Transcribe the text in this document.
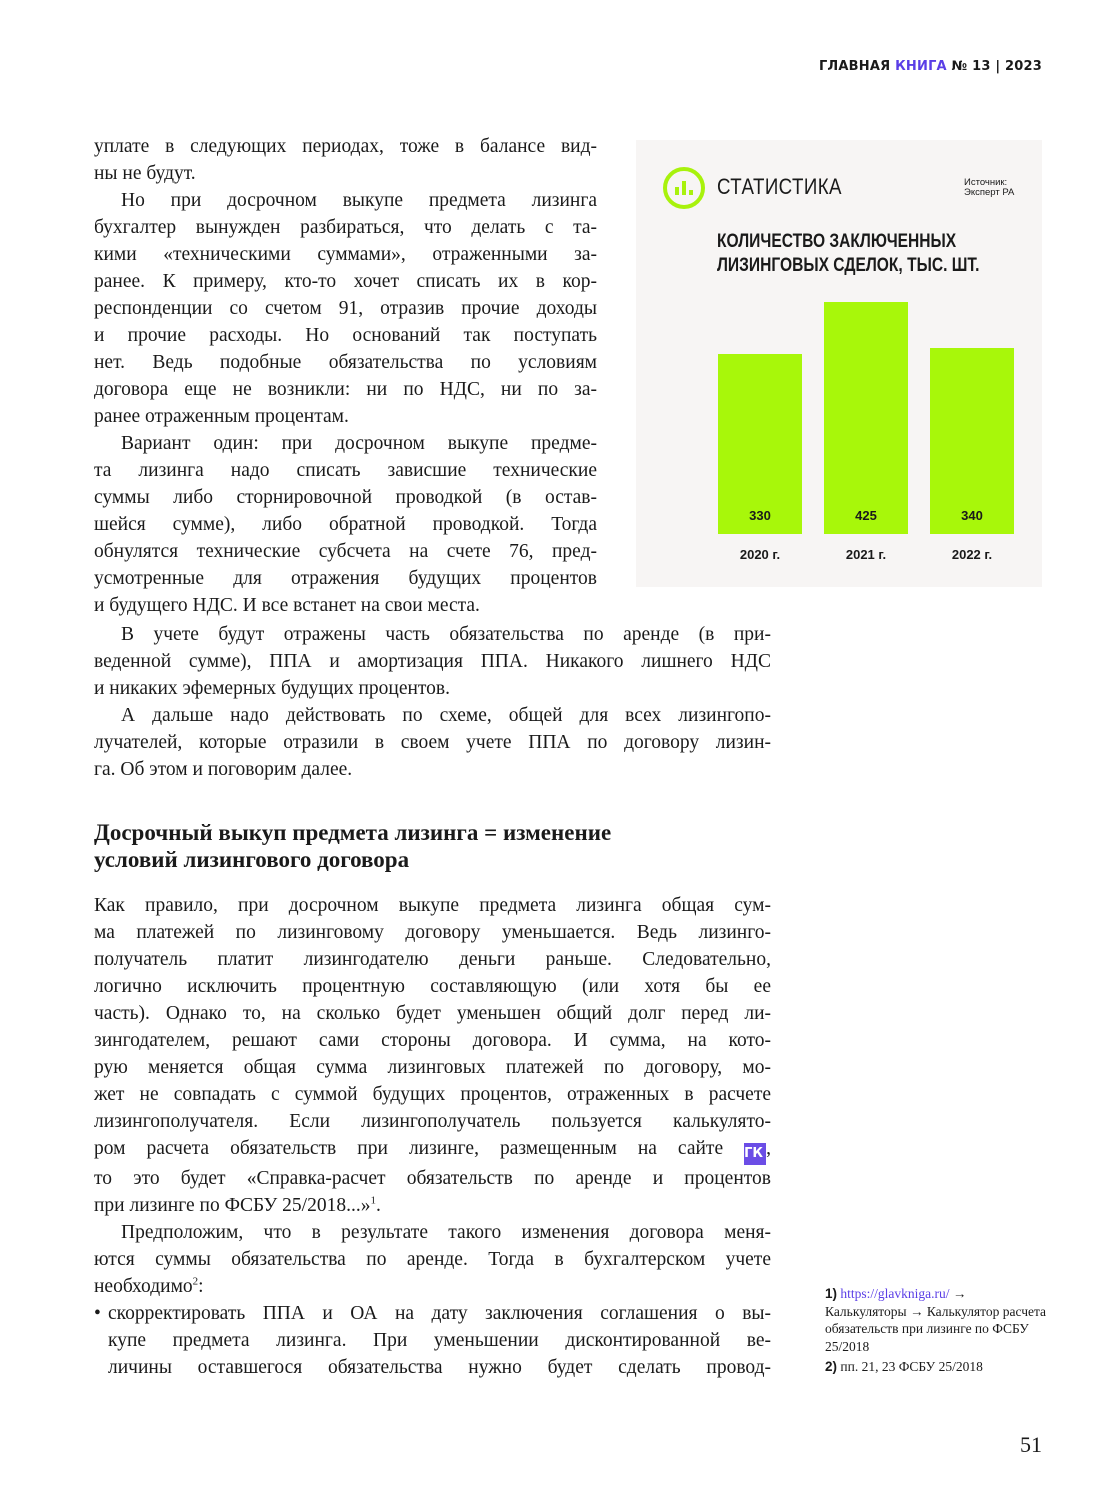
ГЛАВНАЯ КНИГА № 13 | 2023
уплате в следующих периодах, тоже в балансе вид-
ны не будут.
Но при досрочном выкупе предмета лизинга
бухгалтер вынужден разбираться, что делать с та-
кими «техническими суммами», отраженными за-
ранее. К примеру, кто-то хочет списать их в кор-
респонденции со счетом 91, отразив прочие доходы
и прочие расходы. Но оснований так поступать
нет. Ведь подобные обязательства по условиям
договора еще не возникли: ни по НДС, ни по за-
ранее отраженным процентам.
Вариант один: при досрочном выкупе предме-
та лизинга надо списать зависшие технические
суммы либо сторнировочной проводкой (в остав-
шейся сумме), либо обратной проводкой. Тогда
обнулятся технические субсчета на счете 76, пред-
усмотренные для отражения будущих процентов
и будущего НДС. И все встанет на свои места.
В учете будут отражены часть обязательства по аренде (в при-
веденной сумме), ППА и амортизация ППА. Никакого лишнего НДС
и никаких эфемерных будущих процентов.
А дальше надо действовать по схеме, общей для всех лизингопо-
лучателей, которые отразили в своем учете ППА по договору лизин-
га. Об этом и поговорим далее.
Досрочный выкуп предмета лизинга = изменение
условий лизингового договора
Как правило, при досрочном выкупе предмета лизинга общая сум-
ма платежей по лизинговому договору уменьшается. Ведь лизинго-
получатель платит лизингодателю деньги раньше. Следовательно,
логично исключить процентную составляющую (или хотя бы ее
часть). Однако то, на сколько будет уменьшен общий долг перед ли-
зингодателем, решают сами стороны договора. И сумма, на кото-
рую меняется общая сумма лизинговых платежей по договору, мо-
жет не совпадать с суммой будущих процентов, отраженных в расчете
лизингополучателя. Если лизингополучатель пользуется калькулято-
ром расчета обязательств при лизинге, размещенным на сайте ГК ,
то это будет «Справка-расчет обязательств по аренде и процентов
при лизинге по ФСБУ 25/2018...»$^1$.
Предположим, что в результате такого изменения договора меня-
ются суммы обязательства по аренде. Тогда в бухгалтерском учете
необходимо$^2$:
• скорректировать ППА и ОА на дату заключения соглашения о вы-
купе предмета лизинга. При уменьшении дисконтированной ве-
личины оставшегося обязательства нужно будет сделать провод-
СТАТИСТИКА	Источник:
Эксперт РА
КОЛИЧЕСТВО ЗАКЛЮЧЕННЫХ
ЛИЗИНГОВЫХ СДЕЛОК, ТЫС. ШТ.
330
2020 г.
425
2021 г.
340
2022 г.
1) https://glavkniga.ru/ → Калькуляторы → Калькулятор расчета обязательств при лизинге по ФСБУ 25/2018
2) пп. 21, 23 ФСБУ 25/2018
51
